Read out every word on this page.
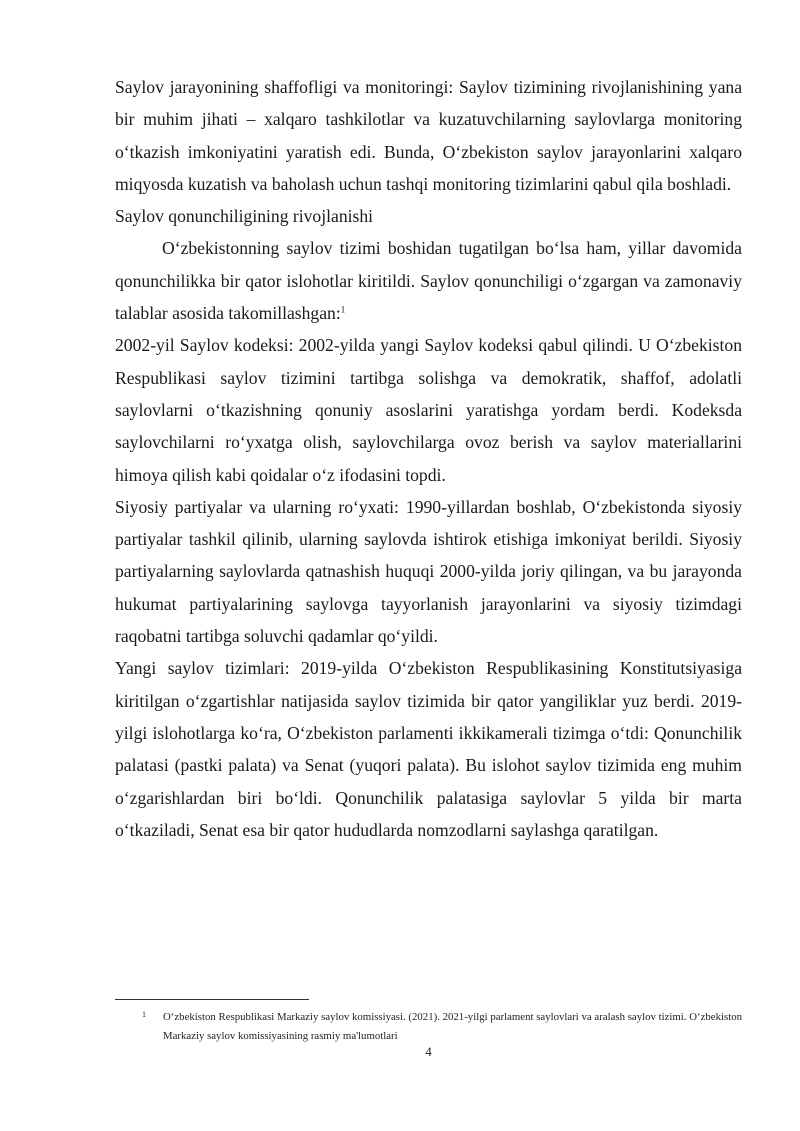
Saylov jarayonining shaffofligi va monitoringi: Saylov tizimining rivojlanishining yana bir muhim jihati – xalqaro tashkilotlar va kuzatuvchilarning saylovlarga monitoring o‘tkazish imkoniyatini yaratish edi. Bunda, O‘zbekiston saylov jarayonlarini xalqaro miqyosda kuzatish va baholash uchun tashqi monitoring tizimlarini qabul qila boshladi.

Saylov qonunchiligining rivojlanishi

O‘zbekistonning saylov tizimi boshidan tugatilgan bo‘lsa ham, yillar davomida qonunchilikka bir qator islohotlar kiritildi. Saylov qonunchiligi o‘zgargan va zamonaviy talablar asosida takomillashgan:$^1$

2002-yil Saylov kodeksi: 2002-yilda yangi Saylov kodeksi qabul qilindi. U O‘zbekiston Respublikasi saylov tizimini tartibga solishga va demokratik, shaffof, adolatli saylovlarni o‘tkazishning qonuniy asoslarini yaratishga yordam berdi. Kodeksda saylovchilarni ro‘yxatga olish, saylovchilarga ovoz berish va saylov materiallarini himoya qilish kabi qoidalar o‘z ifodasini topdi.

Siyosiy partiyalar va ularning ro‘yxati: 1990-yillardan boshlab, O‘zbekistonda siyosiy partiyalar tashkil qilinib, ularning saylovda ishtirok etishiga imkoniyat berildi. Siyosiy partiyalarning saylovlarda qatnashish huquqi 2000-yilda joriy qilingan, va bu jarayonda hukumat partiyalarining saylovga tayyorlanish jarayonlarini va siyosiy tizimdagi raqobatni tartibga soluvchi qadamlar qo‘yildi.

Yangi saylov tizimlari: 2019-yilda O‘zbekiston Respublikasining Konstitutsiyasiga kiritilgan o‘zgartishlar natijasida saylov tizimida bir qator yangiliklar yuz berdi. 2019-yilgi islohotlarga ko‘ra, O‘zbekiston parlamenti ikkikamerali tizimga o‘tdi: Qonunchilik palatasi (pastki palata) va Senat (yuqori palata). Bu islohot saylov tizimida eng muhim o‘zgarishlardan biri bo‘ldi. Qonunchilik palatasiga saylovlar 5 yilda bir marta o‘tkaziladi, Senat esa bir qator hududlarda nomzodlarni saylashga qaratilgan.

1 O‘zbekiston Respublikasi Markaziy saylov komissiyasi. (2021). 2021-yilgi parlament saylovlari va aralash saylov tizimi. O‘zbekiston Markaziy saylov komissiyasining rasmiy ma'lumotlari
4
